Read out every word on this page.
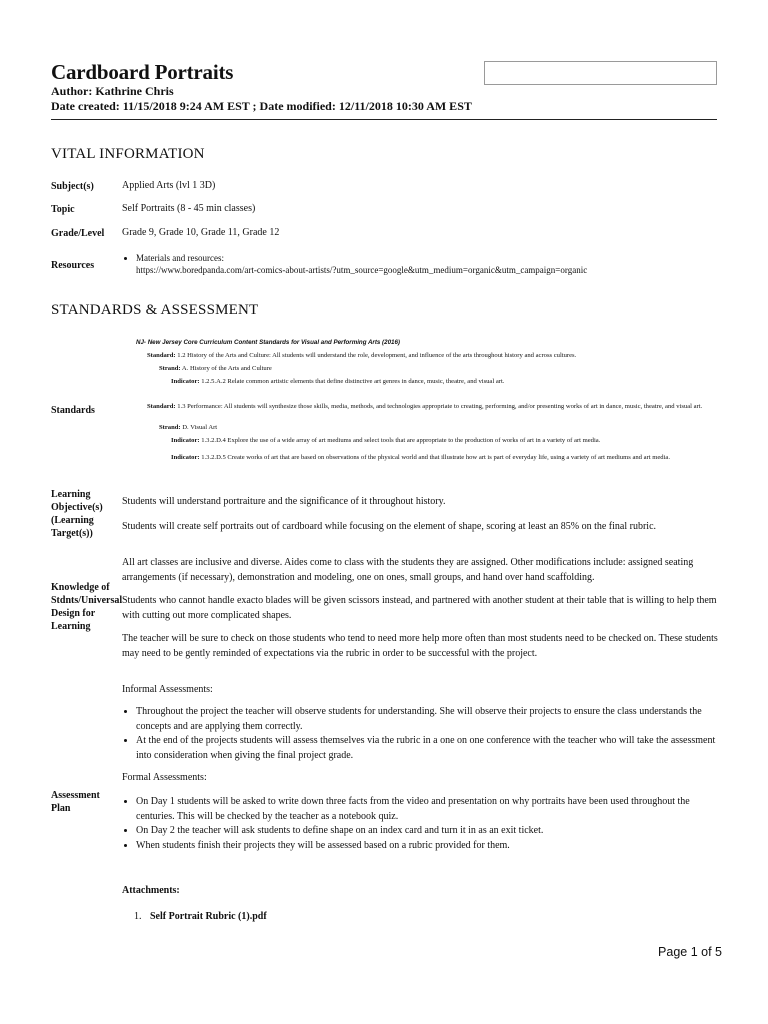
Cardboard Portraits
Author: Kathrine Chris
Date created: 11/15/2018 9:24 AM EST ; Date modified: 12/11/2018 10:30 AM EST
VITAL INFORMATION
Subject(s)	Applied Arts (lvl 1 3D)
Topic	Self Portraits (8 - 45 min classes)
Grade/Level Grade 9, Grade 10, Grade 11, Grade 12
Resources
• Materials and resources:
https://www.boredpanda.com/art-comics-about-artists/?utm_source=google&utm_medium=organic&utm_campaign=organic
STANDARDS & ASSESSMENT
Standards
NJ- New Jersey Core Curriculum Content Standards for Visual and Performing Arts (2016)
Standard: 1.2 History of the Arts and Culture: All students will understand the role, development, and influence of the arts throughout history and across cultures.
Strand: A. History of the Arts and Culture
Indicator: 1.2.5.A.2 Relate common artistic elements that define distinctive art genres in dance, music, theatre, and visual art.
Standard: 1.3 Performance: All students will synthesize those skills, media, methods, and technologies appropriate to creating, performing, and/or presenting works of art in dance, music, theatre, and visual art.
Strand: D. Visual Art
Indicator: 1.3.2.D.4 Explore the use of a wide array of art mediums and select tools that are appropriate to the production of works of art in a variety of art media.
Indicator: 1.3.2.D.5 Create works of art that are based on observations of the physical world and that illustrate how art is part of everyday life, using a variety of art mediums and art media.
Learning Objective(s) (Learning Target(s))
Students will understand portraiture and the significance of it throughout history.
Students will create self portraits out of cardboard while focusing on the element of shape, scoring at least an 85% on the final rubric.
Knowledge of Stdnts/Universal Design for Learning
All art classes are inclusive and diverse. Aides come to class with the students they are assigned. Other modifications include: assigned seating arrangements (if necessary), demonstration and modeling, one on ones, small groups, and hand over hand scaffolding.
Students who cannot handle exacto blades will be given scissors instead, and partnered with another student at their table that is willing to help them with cutting out more complicated shapes.
The teacher will be sure to check on those students who tend to need more help more often than most students need to be checked on. These students may need to be gently reminded of expectations via the rubric in order to be successful with the project.
Assessment Plan
Informal Assessments:
• Throughout the project the teacher will observe students for understanding. She will observe their projects to ensure the class understands the concepts and are applying them correctly.
• At the end of the projects students will assess themselves via the rubric in a one on one conference with the teacher who will take the assessment into consideration when giving the final project grade.
Formal Assessments:
• On Day 1 students will be asked to write down three facts from the video and presentation on why portraits have been used throughout the centuries. This will be checked by the teacher as a notebook quiz.
• On Day 2 the teacher will ask students to define shape on an index card and turn it in as an exit ticket.
• When students finish their projects they will be assessed based on a rubric provided for them.
Attachments:
1. Self Portrait Rubric (1).pdf
Page 1 of 5
